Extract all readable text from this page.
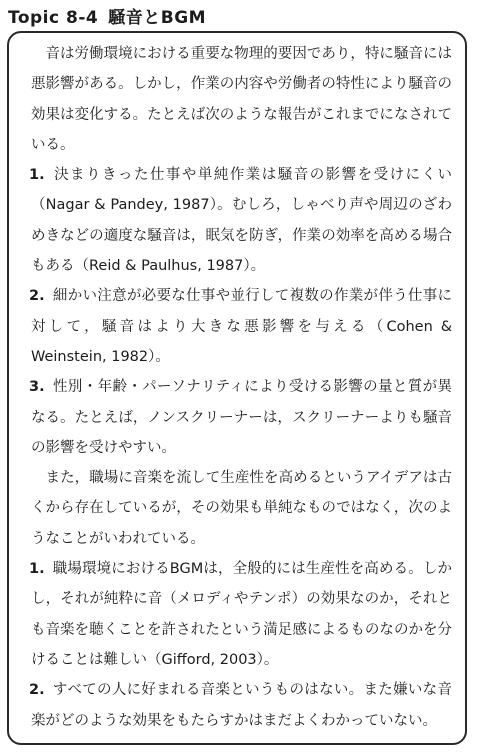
Topic 8-4 騒音とBGM

音は労働環境における重要な物理的要因であり，特に騒音には悪影響がある。しかし，作業の内容や労働者の特性により騒音の効果は変化する。たとえば次のような報告がこれまでになされている。

1. 決まりきった仕事や単純作業は騒音の影響を受けにくい（Nagar & Pandey, 1987）。むしろ，しゃべり声や周辺のざわめきなどの適度な騒音は，眠気を防ぎ，作業の効率を高める場合もある（Reid & Paulhus, 1987）。

2. 細かい注意が必要な仕事や並行して複数の作業が伴う仕事に対して，騒音はより大きな悪影響を与える（Cohen & Weinstein, 1982）。

3. 性別・年齢・パーソナリティにより受ける影響の量と質が異なる。たとえば，ノンスクリーナーは，スクリーナーよりも騒音の影響を受けやすい。

また，職場に音楽を流して生産性を高めるというアイデアは古くから存在しているが，その効果も単純なものではなく，次のようなことがいわれている。

1. 職場環境におけるBGMは，全般的には生産性を高める。しかし，それが純粋に音（メロディやテンポ）の効果なのか，それとも音楽を聴くことを許されたという満足感によるものなのかを分けることは難しい（Gifford, 2003）。

2. すべての人に好まれる音楽というものはない。また嫌いな音楽がどのような効果をもたらすかはまだよくわかっていない。
